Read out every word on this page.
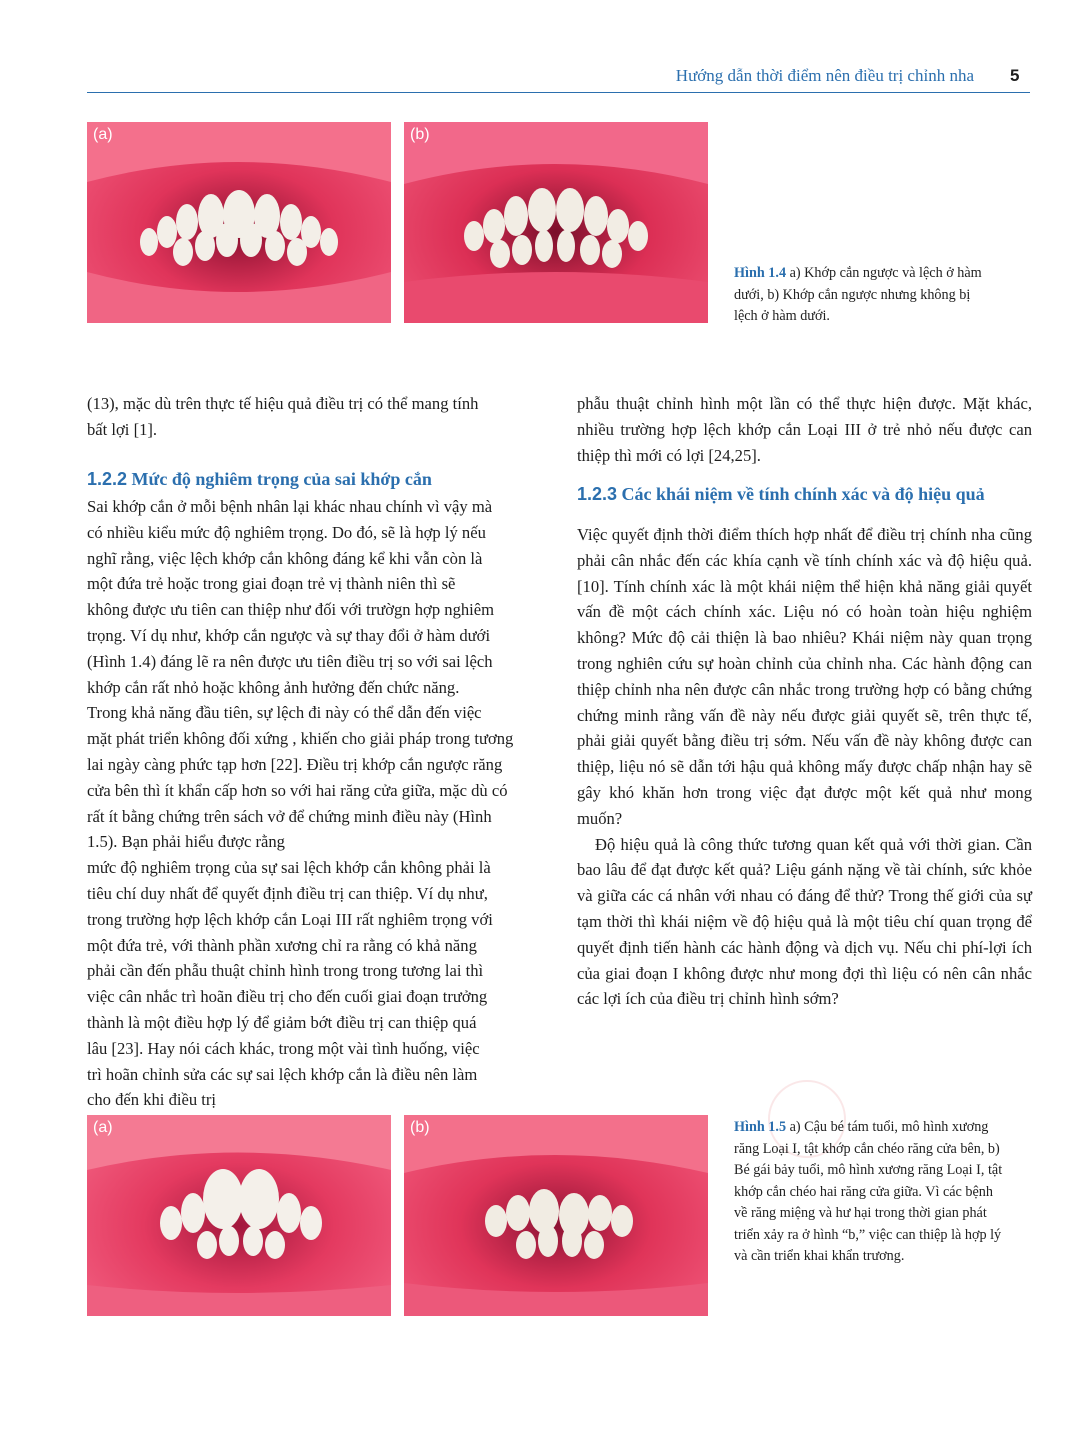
Hướng dẫn thời điểm nên điều trị chỉnh nha 5
(a)	(b)
Hình 1.4 a) Khớp cắn ngược và lệch ở hàm dưới, b) Khớp cắn ngược nhưng không bị lệch ở hàm dưới.

(13), mặc dù trên thực tế hiệu quả điều trị có thể mang tính

bất lợi [1].

1.2.2 Mức độ nghiêm trọng của sai khớp cắn

Sai khớp cắn ở mỗi bệnh nhân lại khác nhau chính vì vậy mà

có nhiều kiểu mức độ nghiêm trọng. Do đó, sẽ là hợp lý nếu

nghĩ rằng, việc lệch khớp cắn không đáng kể khi vẫn còn là

một đứa trẻ hoặc trong giai đoạn trẻ vị thành niên thì sẽ

không được ưu tiên can thiệp như đối với trườgn hợp nghiêm

trọng. Ví dụ như, khớp cắn ngược và sự thay đổi ở hàm dưới

(Hình 1.4) đáng lẽ ra nên được ưu tiên điều trị so với sai lệch

khớp cắn rất nhỏ hoặc không ảnh hưởng đến chức năng.

Trong khả năng đầu tiên, sự lệch đi này có thể dẫn đến việc

mặt phát triển không đối xứng , khiến cho giải pháp trong tương

lai ngày càng phức tạp hơn [22]. Điều trị khớp cắn ngược răng

cửa bên thì ít khẩn cấp hơn so với hai răng cửa giữa, mặc dù có

rất ít bằng chứng trên sách vở để chứng minh điều này (Hình

1.5). Bạn phải hiểu được rằng

mức độ nghiêm trọng của sự sai lệch khớp cắn không phải là

tiêu chí duy nhất để quyết định điều trị can thiệp. Ví dụ như,

trong trường hợp lệch khớp cắn Loại III rất nghiêm trọng với

một đứa trẻ, với thành phần xương chỉ ra rằng có khả năng

phải cần đến phẫu thuật chỉnh hình trong trong tương lai thì

việc cân nhắc trì hoãn điều trị cho đến cuối giai đoạn trưởng

thành là một điều hợp lý để giảm bớt điều trị can thiệp quá

lâu [23]. Hay nói cách khác, trong một vài tình huống, việc

trì hoãn chỉnh sửa các sự sai lệch khớp cắn là điều nên làm

cho đến khi điều trị

phẫu thuật chỉnh hình một lần có thể thực hiện được. Mặt khác, nhiều trường hợp lệch khớp cắn Loại III ở trẻ nhỏ nếu được can thiệp thì mới có lợi [24,25].

1.2.3 Các khái niệm về tính chính xác và độ hiệu quả

Việc quyết định thời điểm thích hợp nhất để điều trị chính nha cũng phải cân nhắc đến các khía cạnh về tính chính xác và độ hiệu quả. [10]. Tính chính xác là một khái niệm thể hiện khả năng giải quyết vấn đề một cách chính xác. Liệu nó có hoàn toàn hiệu nghiệm không? Mức độ cải thiện là bao nhiêu? Khái niệm này quan trọng trong nghiên cứu sự hoàn chỉnh của chỉnh nha. Các hành động can thiệp chỉnh nha nên được cân nhắc trong trường hợp có bằng chứng chứng minh rằng vấn đề này nếu được giải quyết sẽ, trên thực tế, phải giải quyết bằng điều trị sớm. Nếu vấn đề này không được can thiệp, liệu nó sẽ dẫn tới hậu quả không mấy được chấp nhận hay sẽ gây khó khăn hơn trong việc đạt được một kết quả như mong muốn?

Độ hiệu quả là công thức tương quan kết quả với thời gian. Cần bao lâu để đạt được kết quả? Liệu gánh nặng về tài chính, sức khỏe và giữa các cá nhân với nhau có đáng để thử? Trong thế giới của sự tạm thời thì khái niệm về độ hiệu quả là một tiêu chí quan trọng để quyết định tiến hành các hành động và dịch vụ. Nếu chi phí-lợi ích của giai đoạn I không được như mong đợi thì liệu có nên cân nhắc các lợi ích của điều trị chỉnh hình sớm?

(a)	(b)	Hình 1.5 a) Cậu bé tám tuổi, mô hình xương răng Loại I, tật khớp cắn chéo răng cửa bên, b) Bé gái bảy tuổi, mô hình xương răng Loại I, tật khớp cắn chéo hai răng cửa giữa. Vì các bệnh về răng miệng và hư hại trong thời gian phát triển xảy ra ở hình “b,” việc can thiệp là hợp lý và cần triển khai khẩn trương.
